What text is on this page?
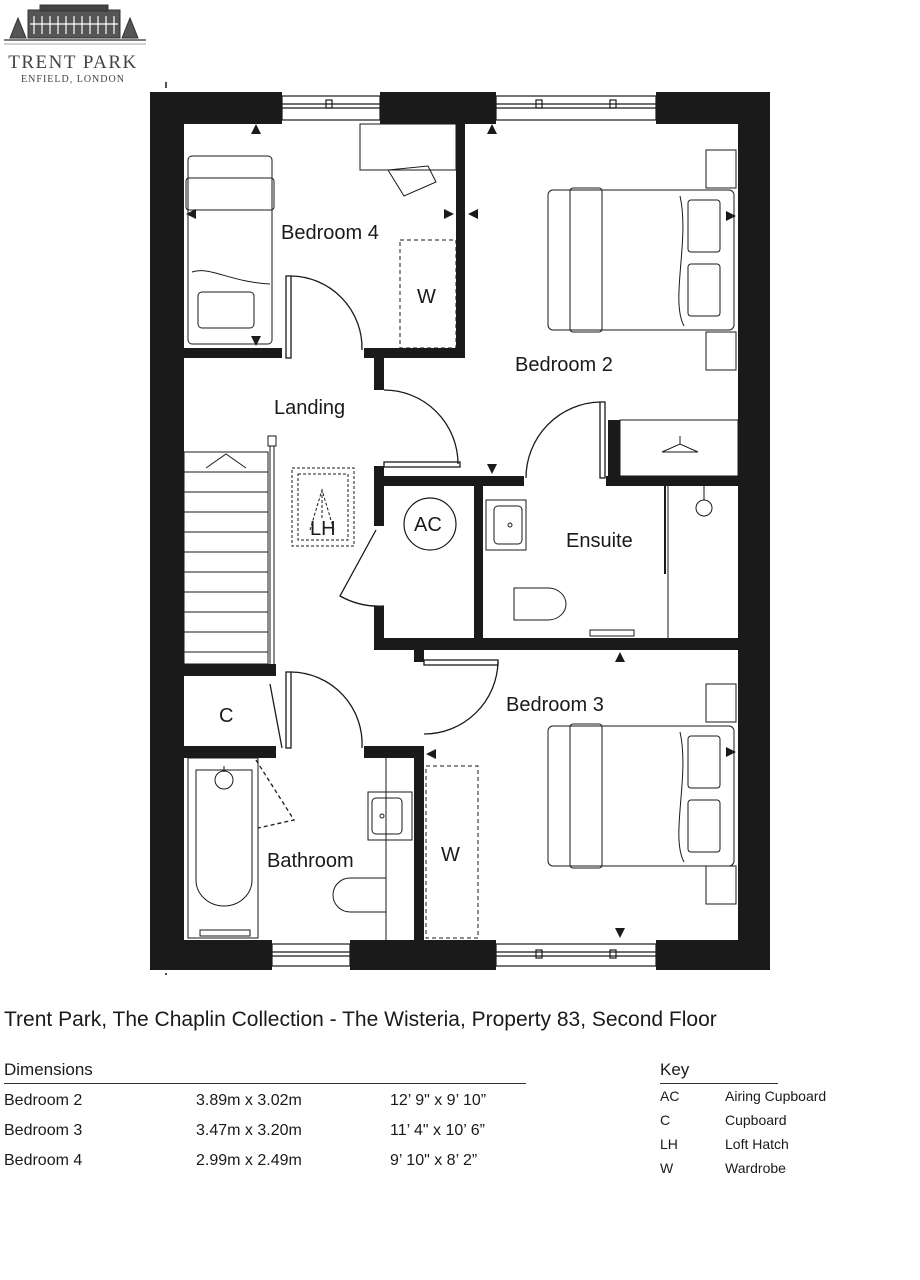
TRENT PARK
ENFIELD, LONDON
Bedroom 4
W
Bedroom 2
Landing
AC
LH
Ensuite
Bedroom 3
C
W
Bathroom
Trent Park, The Chaplin Collection - The Wisteria, Property 83, Second Floor
Dimensions
Bedroom 2	3.89m x 3.02m	12’ 9" x 9’ 10”
Bedroom 3	3.47m x 3.20m	11’ 4" x 10’ 6”
Bedroom 4	2.99m x 2.49m	9’ 10" x 8’ 2”
Key
AC	Airing Cupboard
C	Cupboard
LH	Loft Hatch
W	Wardrobe
